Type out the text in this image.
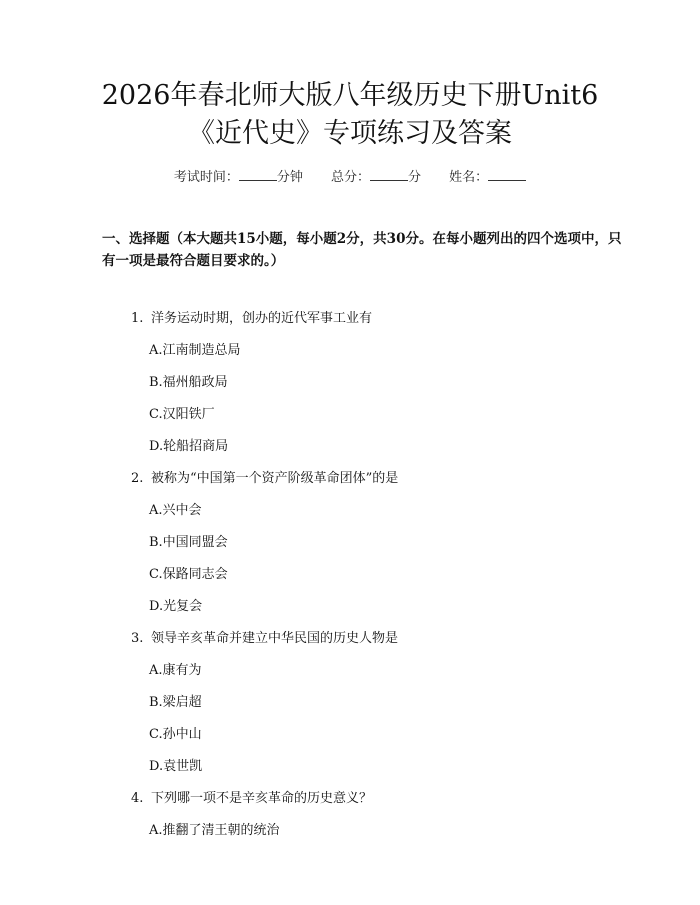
2026年春北师大版八年级历史下册Unit6
《近代史》专项练习及答案
考试时间：	分钟 总分：	分 姓名：

一、选择题（本大题共15小题，每小题2分，共30分。在每小题列出的四个选项中，只有一项是最符合题目要求的。）

1. 洋务运动时期，创办的近代军事工业有
A.江南制造总局
B.福州船政局
C.汉阳铁厂
D.轮船招商局
2. 被称为“中国第一个资产阶级革命团体”的是
A.兴中会
B.中国同盟会
C.保路同志会
D.光复会
3. 领导辛亥革命并建立中华民国的历史人物是
A.康有为
B.梁启超
C.孙中山
D.袁世凯
4. 下列哪一项不是辛亥革命的历史意义？
A.推翻了清王朝的统治
